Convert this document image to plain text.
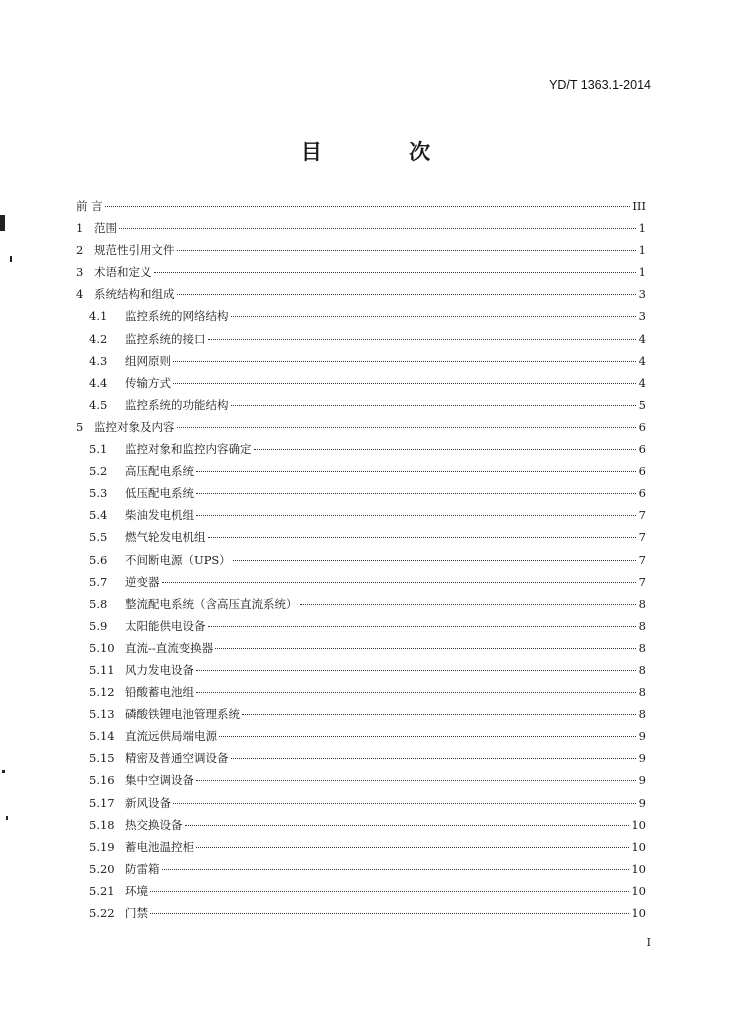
YD/T 1363.1-2014
目 次
前 言	III
1 范围	1
2 规范性引用文件	1
3 术语和定义	1
4 系统结构和组成	3
4.1	监控系统的网络结构	3
4.2	监控系统的接口	4
4.3	组网原则	4
4.4	传输方式	4
4.5	监控系统的功能结构	5
5 监控对象及内容	6
5.1	监控对象和监控内容确定	6
5.2	高压配电系统	6
5.3	低压配电系统	6
5.4	柴油发电机组	7
5.5	燃气轮发电机组	7
5.6	不间断电源（UPS）	7
5.7	逆变器	7
5.8	整流配电系统（含高压直流系统）	8
5.9	太阳能供电设备	8
5.10 直流--直流变换器	8
5.11 风力发电设备	8
5.12 铅酸蓄电池组	8
5.13 磷酸铁锂电池管理系统	8
5.14 直流远供局端电源	9
5.15 精密及普通空调设备	9
5.16 集中空调设备	9
5.17 新风设备	9
5.18 热交换设备	10
5.19 蓄电池温控柜	10
5.20 防雷箱	10
5.21 环境	10
5.22 门禁	10
I
